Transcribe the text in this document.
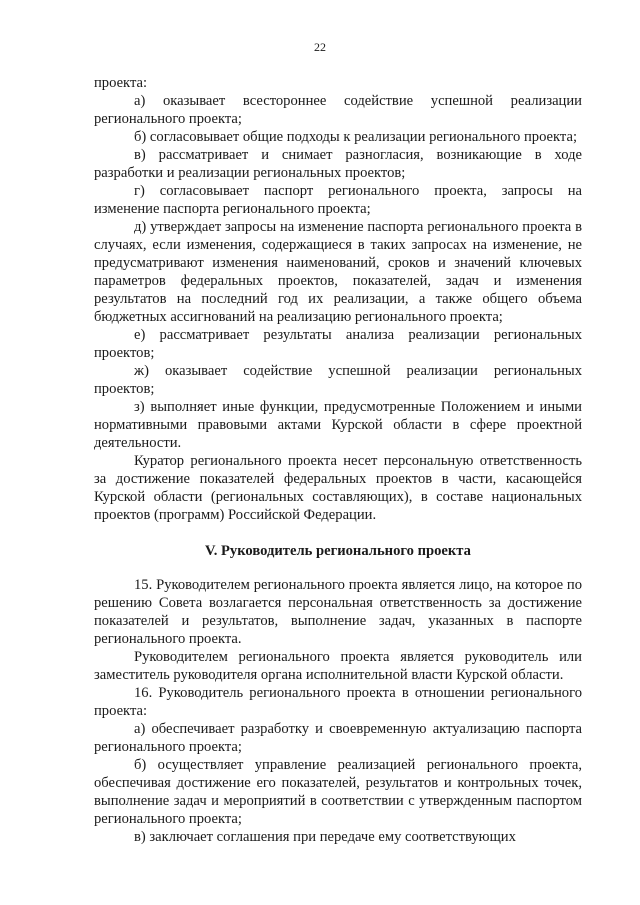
22

проекта:

а) оказывает всестороннее содействие успешной реализации регионального проекта;

б) согласовывает общие подходы к реализации регионального проекта;

в) рассматривает и снимает разногласия, возникающие в ходе разработки и реализации региональных проектов;

г) согласовывает паспорт регионального проекта, запросы на изменение паспорта регионального проекта;

д) утверждает запросы на изменение паспорта регионального проекта в случаях, если изменения, содержащиеся в таких запросах на изменение, не предусматривают изменения наименований, сроков и значений ключевых параметров федеральных проектов, показателей, задач и изменения результатов на последний год их реализации, а также общего объема бюджетных ассигнований на реализацию регионального проекта;

е) рассматривает результаты анализа реализации региональных проектов;

ж) оказывает содействие успешной реализации региональных проектов;

з) выполняет иные функции, предусмотренные Положением и иными нормативными правовыми актами Курской области в сфере проектной деятельности.

Куратор регионального проекта несет персональную ответственность за достижение показателей федеральных проектов в части, касающейся Курской области (региональных составляющих), в составе национальных проектов (программ) Российской Федерации.

V. Руководитель регионального проекта

15. Руководителем регионального проекта является лицо, на которое по решению Совета возлагается персональная ответственность за достижение показателей и результатов, выполнение задач, указанных в паспорте регионального проекта.

Руководителем регионального проекта является руководитель или заместитель руководителя органа исполнительной власти Курской области.

16. Руководитель регионального проекта в отношении регионального проекта:

а) обеспечивает разработку и своевременную актуализацию паспорта регионального проекта;

б) осуществляет управление реализацией регионального проекта, обеспечивая достижение его показателей, результатов и контрольных точек, выполнение задач и мероприятий в соответствии с утвержденным паспортом регионального проекта;

в) заключает соглашения при передаче ему соответствующих
